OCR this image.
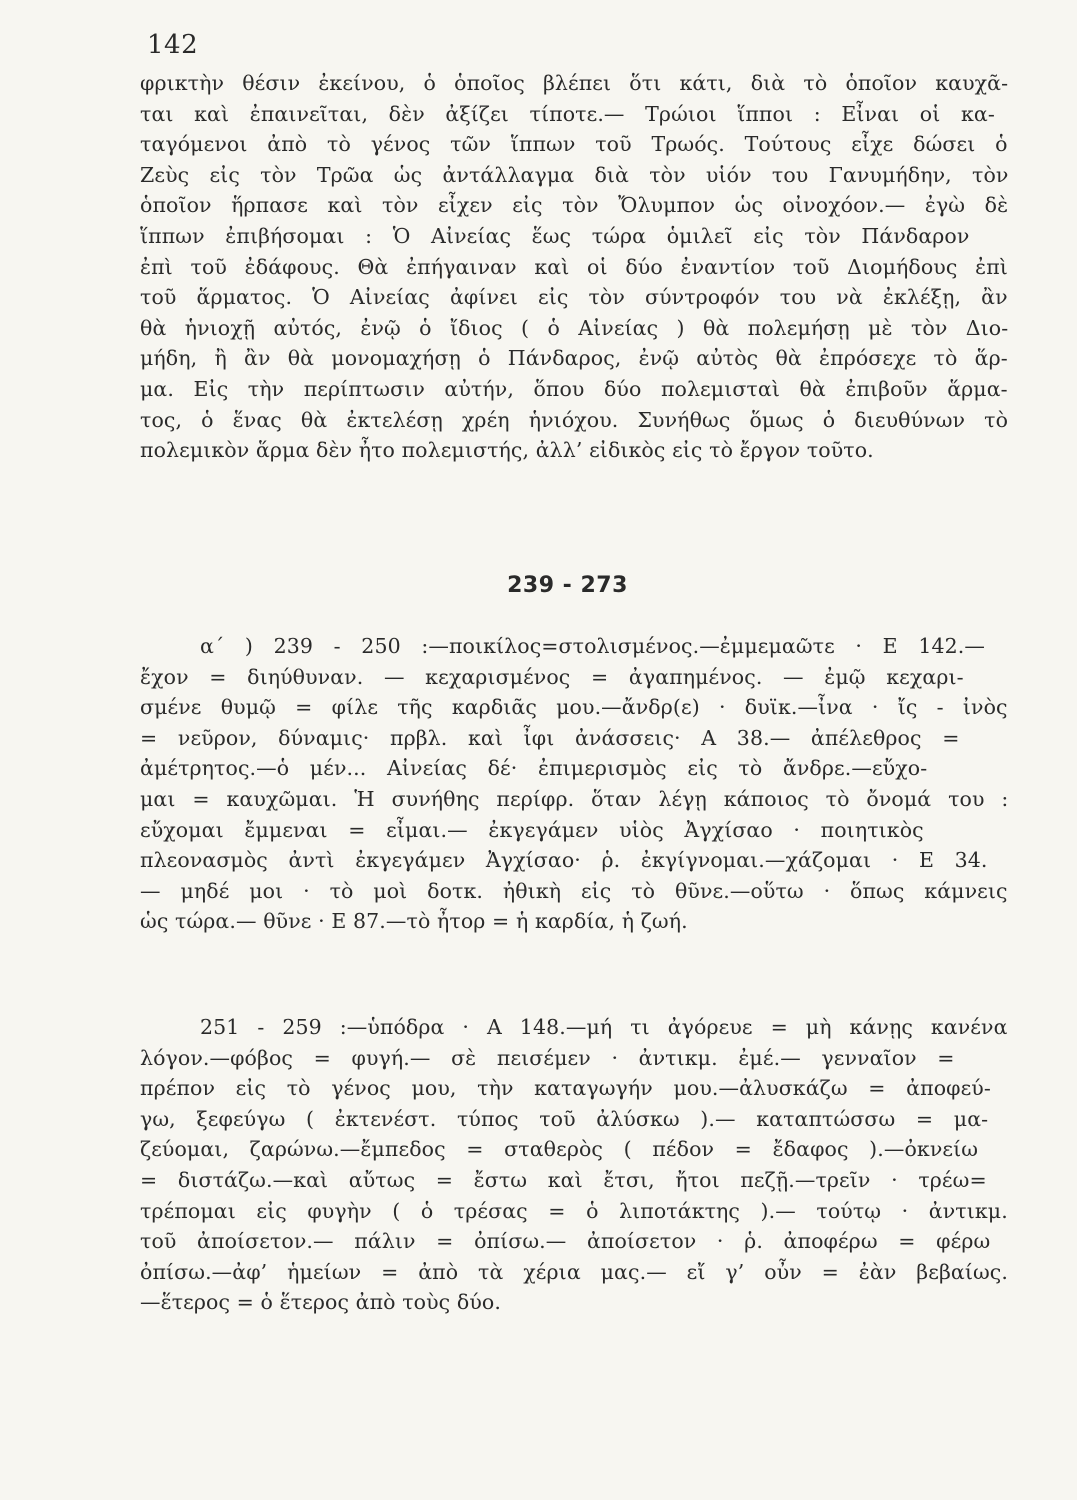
142
φρικτὴν θέσιν ἐκείνου, ὁ ὁποῖος βλέπει ὅτι κάτι, διὰ τὸ ὁποῖον καυχᾶ-
ται καὶ ἐπαινεῖται, δὲν ἀξίζει τίποτε.— Τρώιοι ἵπποι : Εἶναι οἱ κα-
ταγόμενοι ἀπὸ τὸ γένος τῶν ἵππων τοῦ Τρωός. Τούτους εἶχε δώσει ὁ
Ζεὺς εἰς τὸν Τρῶα ὡς ἀντάλλαγμα διὰ τὸν υἱόν του Γανυμήδην, τὸν
ὁποῖον ἥρπασε καὶ τὸν εἶχεν εἰς τὸν Ὄλυμπον ὡς οἰνοχόον.— ἐγὼ δὲ
ἵππων ἐπιβήσομαι : Ὁ Αἰνείας ἕως τώρα ὁμιλεῖ εἰς τὸν Πάνδαρον
ἐπὶ τοῦ ἐδάφους. Θὰ ἐπήγαιναν καὶ οἱ δύο ἐναντίον τοῦ Διομήδους ἐπὶ
τοῦ ἅρματος. Ὁ Αἰνείας ἀφίνει εἰς τὸν σύντροφόν του νὰ ἐκλέξῃ, ἂν
θὰ ἡνιοχῇ αὐτός, ἐνῷ ὁ ἴδιος ( ὁ Αἰνείας ) θὰ πολεμήσῃ μὲ τὸν Διο-
μήδη, ἢ ἂν θὰ μονομαχήσῃ ὁ Πάνδαρος, ἐνῷ αὐτὸς θὰ ἐπρόσεχε τὸ ἅρ-
μα. Εἰς τὴν περίπτωσιν αὐτήν, ὅπου δύο πολεμισταὶ θὰ ἐπιβοῦν ἅρμα-
τος, ὁ ἕνας θὰ ἐκτελέσῃ χρέη ἡνιόχου. Συνήθως ὅμως ὁ διευθύνων τὸ
πολεμικὸν ἅρμα δὲν ἦτο πολεμιστής, ἀλλ’ εἰδικὸς εἰς τὸ ἔργον τοῦτο.
239 - 273
α΄ ) 239 - 250 :—ποικίλος=στολισμένος.—ἐμμεμαῶτε · Ε 142.—
ἔχον = διηύθυναν. — κεχαρισμένος = ἀγαπημένος. — ἐμῷ κεχαρι-
σμένε θυμῷ = φίλε τῆς καρδιᾶς μου.—ἄνδρ(ε) · δυϊκ.—ἶνα · ἴς - ἰνὸς
= νεῦρον, δύναμις· πρβλ. καὶ ἶφι ἀνάσσεις· Α 38.— ἀπέλεθρος =
ἀμέτρητος.—ὁ μέν... Αἰνείας δέ· ἐπιμερισμὸς εἰς τὸ ἄνδρε.—εὔχο-
μαι = καυχῶμαι. Ἡ συνήθης περίφρ. ὅταν λέγῃ κάποιος τὸ ὄνομά του :
εὔχομαι ἔμμεναι = εἶμαι.— ἐκγεγάμεν υἱὸς Ἀγχίσαο · ποιητικὸς
πλεονασμὸς ἀντὶ ἐκγεγάμεν Ἀγχίσαο· ῥ. ἐκγίγνομαι.—χάζομαι · Ε 34.
— μηδέ μοι · τὸ μοὶ δοτκ. ἠθικὴ εἰς τὸ θῦνε.—οὕτω · ὅπως κάμνεις
ὡς τώρα.— θῦνε · Ε 87.—τὸ ἦτορ = ἡ καρδία, ἡ ζωή.
251 - 259 :—ὑπόδρα · Α 148.—μή τι ἀγόρευε = μὴ κάνῃς κανένα
λόγον.—φόβος = φυγή.— σὲ πεισέμεν · ἀντικμ. ἐμέ.— γενναῖον =
πρέπον εἰς τὸ γένος μου, τὴν καταγωγήν μου.—ἀλυσκάζω = ἀποφεύ-
γω, ξεφεύγω ( ἐκτενέστ. τύπος τοῦ ἀλύσκω ).— καταπτώσσω = μα-
ζεύομαι, ζαρώνω.—ἔμπεδος = σταθερὸς ( πέδον = ἔδαφος ).—ὀκνείω
= διστάζω.—καὶ αὔτως = ἔστω καὶ ἔτσι, ἤτοι πεζῇ.—τρεῖν · τρέω=
τρέπομαι εἰς φυγὴν ( ὁ τρέσας = ὁ λιποτάκτης ).— τούτῳ · ἀντικμ.
τοῦ ἀποίσετον.— πάλιν = ὀπίσω.— ἀποίσετον · ῥ. ἀποφέρω = φέρω
ὀπίσω.—ἀφ’ ἡμείων = ἀπὸ τὰ χέρια μας.— εἴ γ’ οὖν = ἐὰν βεβαίως.
—ἕτερος = ὁ ἕτερος ἀπὸ τοὺς δύο.
